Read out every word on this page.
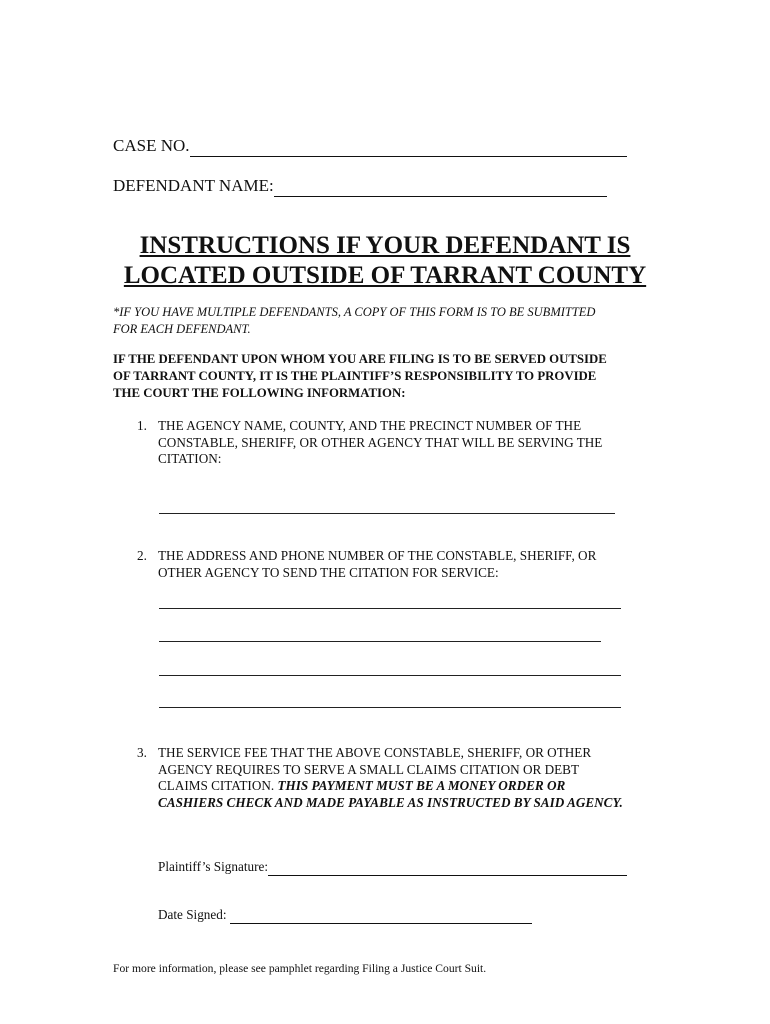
CASE NO.
DEFENDANT NAME:
INSTRUCTIONS IF YOUR DEFENDANT IS
LOCATED OUTSIDE OF TARRANT COUNTY
*IF YOU HAVE MULTIPLE DEFENDANTS, A COPY OF THIS FORM IS TO BE SUBMITTED
FOR EACH DEFENDANT.
IF THE DEFENDANT UPON WHOM YOU ARE FILING IS TO BE SERVED OUTSIDE
OF TARRANT COUNTY, IT IS THE PLAINTIFF’S RESPONSIBILITY TO PROVIDE
THE COURT THE FOLLOWING INFORMATION:
1. THE AGENCY NAME, COUNTY, AND THE PRECINCT NUMBER OF THE
CONSTABLE, SHERIFF, OR OTHER AGENCY THAT WILL BE SERVING THE
CITATION:
2. THE ADDRESS AND PHONE NUMBER OF THE CONSTABLE, SHERIFF, OR
OTHER AGENCY TO SEND THE CITATION FOR SERVICE:
3. THE SERVICE FEE THAT THE ABOVE CONSTABLE, SHERIFF, OR OTHER
AGENCY REQUIRES TO SERVE A SMALL CLAIMS CITATION OR DEBT
CLAIMS CITATION. THIS PAYMENT MUST BE A MONEY ORDER OR
CASHIERS CHECK AND MADE PAYABLE AS INSTRUCTED BY SAID AGENCY.
Plaintiff’s Signature:
Date Signed:
For more information, please see pamphlet regarding Filing a Justice Court Suit.
